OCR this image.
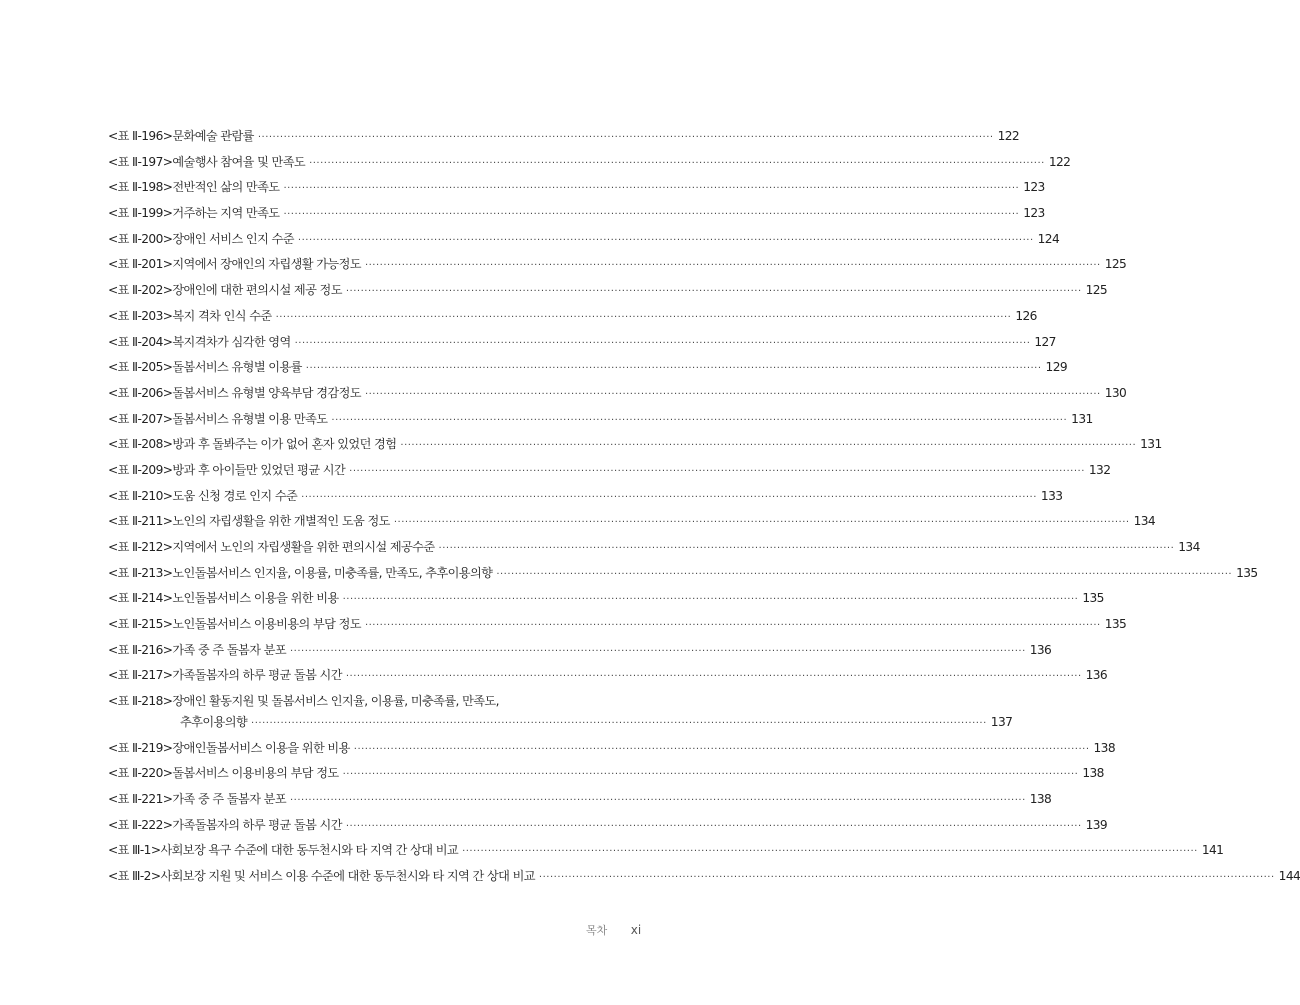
<표 Ⅱ-196> 문화예술 관람률 ········································································································································································································ 122
<표 Ⅱ-197> 예술행사 참여율 및 만족도 ········································································································································································································ 122
<표 Ⅱ-198> 전반적인 삶의 만족도 ········································································································································································································ 123
<표 Ⅱ-199> 거주하는 지역 만족도 ········································································································································································································ 123
<표 Ⅱ-200> 장애인 서비스 인지 수준 ········································································································································································································ 124
<표 Ⅱ-201> 지역에서 장애인의 자립생활 가능정도 ········································································································································································································ 125
<표 Ⅱ-202> 장애인에 대한 편의시설 제공 정도 ········································································································································································································ 125
<표 Ⅱ-203> 복지 격차 인식 수준 ········································································································································································································ 126
<표 Ⅱ-204> 복지격차가 심각한 영역 ········································································································································································································ 127
<표 Ⅱ-205> 돌봄서비스 유형별 이용률 ········································································································································································································ 129
<표 Ⅱ-206> 돌봄서비스 유형별 양육부담 경감정도 ········································································································································································································ 130
<표 Ⅱ-207> 돌봄서비스 유형별 이용 만족도 ········································································································································································································ 131
<표 Ⅱ-208> 방과 후 돌봐주는 이가 없어 혼자 있었던 경험 ········································································································································································································ 131
<표 Ⅱ-209> 방과 후 아이들만 있었던 평균 시간 ········································································································································································································ 132
<표 Ⅱ-210> 도움 신청 경로 인지 수준 ········································································································································································································ 133
<표 Ⅱ-211> 노인의 자립생활을 위한 개별적인 도움 정도 ········································································································································································································ 134
<표 Ⅱ-212> 지역에서 노인의 자립생활을 위한 편의시설 제공수준 ········································································································································································································ 134
<표 Ⅱ-213> 노인돌봄서비스 인지율, 이용률, 미충족률, 만족도, 추후이용의향 ········································································································································································································ 135
<표 Ⅱ-214> 노인돌봄서비스 이용을 위한 비용 ········································································································································································································ 135
<표 Ⅱ-215> 노인돌봄서비스 이용비용의 부담 정도 ········································································································································································································ 135
<표 Ⅱ-216> 가족 중 주 돌봄자 분포 ········································································································································································································ 136
<표 Ⅱ-217> 가족돌봄자의 하루 평균 돌봄 시간 ········································································································································································································ 136
<표 Ⅱ-218> 장애인 활동지원 및 돌봄서비스 인지율, 이용률, 미충족률, 만족도,
추후이용의향 ········································································································································································································ 137
<표 Ⅱ-219> 장애인돌봄서비스 이용을 위한 비용 ········································································································································································································ 138
<표 Ⅱ-220> 돌봄서비스 이용비용의 부담 정도 ········································································································································································································ 138
<표 Ⅱ-221> 가족 중 주 돌봄자 분포 ········································································································································································································ 138
<표 Ⅱ-222> 가족돌봄자의 하루 평균 돌봄 시간 ········································································································································································································ 139
<표 Ⅲ-1> 사회보장 욕구 수준에 대한 동두천시와 타 지역 간 상대 비교 ········································································································································································································ 141
<표 Ⅲ-2> 사회보장 지원 및 서비스 이용 수준에 대한 동두천시와 타 지역 간 상대 비교 ········································································································································································································ 144
목차 xi
